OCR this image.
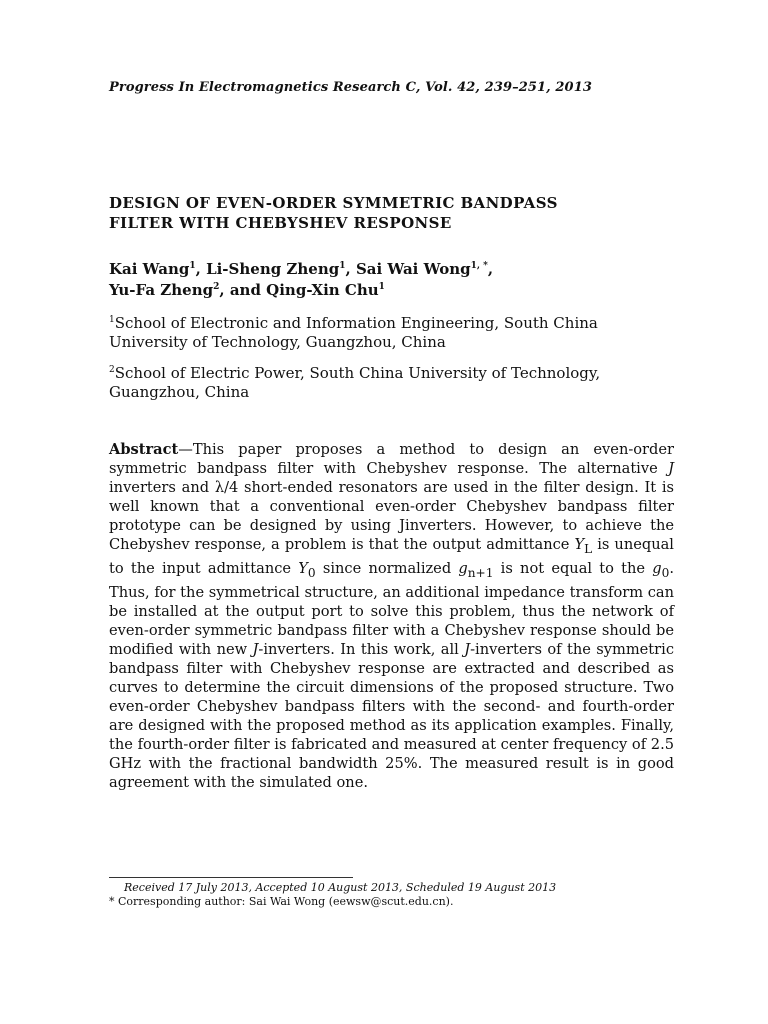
Progress In Electromagnetics Research C, Vol. 42, 239–251, 2013

DESIGN OF EVEN-ORDER SYMMETRIC BANDPASS
FILTER WITH CHEBYSHEV RESPONSE

Kai Wang$^1$, Li-Sheng Zheng$^1$, Sai Wai Wong$^{1, *}$,
Yu-Fa Zheng$^2$, and Qing-Xin Chu$^1$

$^1$School of Electronic and Information Engineering, South China
University of Technology, Guangzhou, China

$^2$School of Electric Power, South China University of Technology,
Guangzhou, China

Abstract—This paper proposes a method to design an even-order symmetric bandpass filter with Chebyshev response. The alternative J inverters and λ/4 short-ended resonators are used in the filter design. It is well known that a conventional even-order Chebyshev bandpass filter prototype can be designed by using Jinverters. However, to achieve the Chebyshev response, a problem is that the output admittance $Y_L$ is unequal to the input admittance $Y_0$ since normalized $g_{n+1}$ is not equal to the $g_0$. Thus, for the symmetrical structure, an additional impedance transform can be installed at the output port to solve this problem, thus the network of even-order symmetric bandpass filter with a Chebyshev response should be modified with new J-inverters. In this work, all J-inverters of the symmetric bandpass filter with Chebyshev response are extracted and described as curves to determine the circuit dimensions of the proposed structure. Two even-order Chebyshev bandpass filters with the second- and fourth-order are designed with the proposed method as its application examples. Finally, the fourth-order filter is fabricated and measured at center frequency of 2.5 GHz with the fractional bandwidth 25%. The measured result is in good agreement with the simulated one.

Received 17 July 2013, Accepted 10 August 2013, Scheduled 19 August 2013

* Corresponding author: Sai Wai Wong (eewsw@scut.edu.cn).
